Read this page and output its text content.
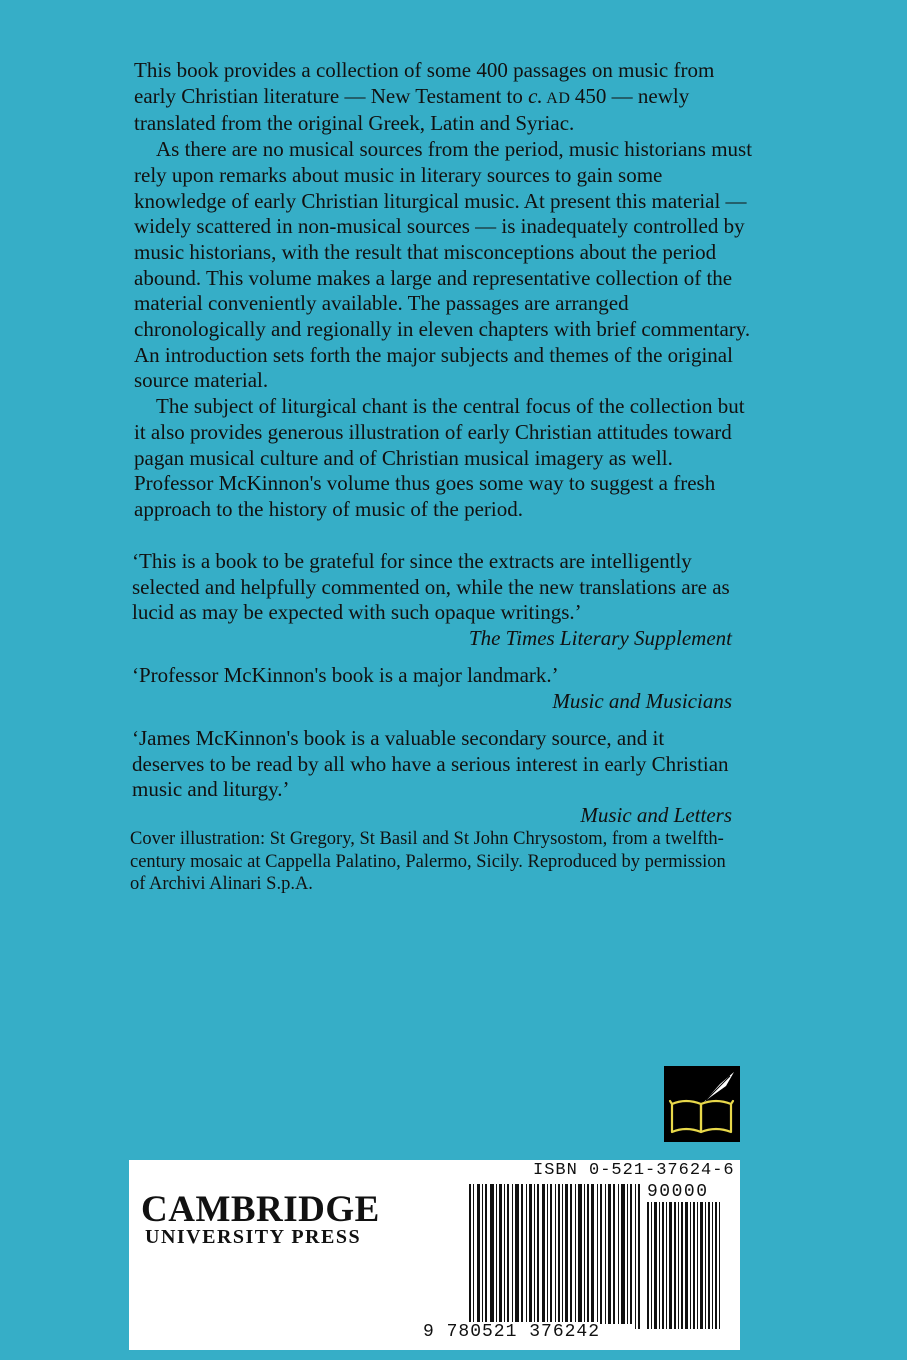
This book provides a collection of some 400 passages on music from early Christian literature — New Testament to c. AD 450 — newly translated from the original Greek, Latin and Syriac.

As there are no musical sources from the period, music historians must rely upon remarks about music in literary sources to gain some knowledge of early Christian liturgical music. At present this material — widely scattered in non-musical sources — is inadequately controlled by music historians, with the result that misconceptions about the period abound. This volume makes a large and representative collection of the material conveniently available. The passages are arranged chronologically and regionally in eleven chapters with brief commentary. An introduction sets forth the major subjects and themes of the original source material.

The subject of liturgical chant is the central focus of the collection but it also provides generous illustration of early Christian attitudes toward pagan musical culture and of Christian musical imagery as well. Professor McKinnon's volume thus goes some way to suggest a fresh approach to the history of music of the period.

‘This is a book to be grateful for since the extracts are intelligently selected and helpfully commented on, while the new translations are as lucid as may be expected with such opaque writings.’
The Times Literary Supplement
‘Professor McKinnon's book is a major landmark.’
Music and Musicians
‘James McKinnon's book is a valuable secondary source, and it deserves to be read by all who have a serious interest in early Christian music and liturgy.’
Music and Letters
Cover illustration: St Gregory, St Basil and St John Chrysostom, from a twelfth-century mosaic at Cappella Palatino, Palermo, Sicily. Reproduced by permission of Archivi Alinari S.p.A.
CAMBRIDGE
UNIVERSITY PRESS
ISBN 0-521-37624-6
90000
9 780521 376242
